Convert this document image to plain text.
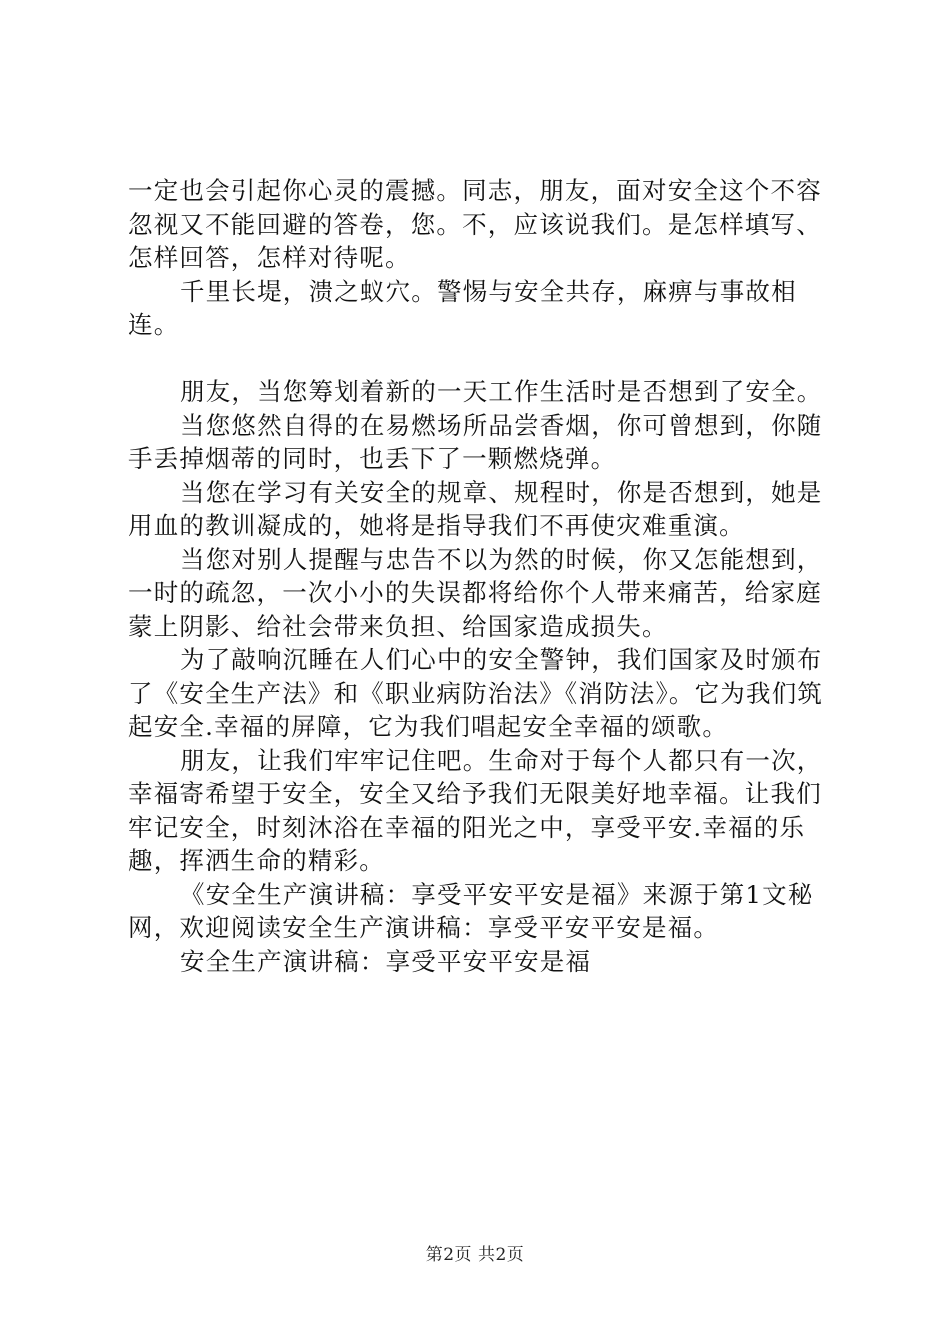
一定也会引起你心灵的震撼。同志，朋友，面对安全这个不容忽视又不能回避的答卷，您。不，应该说我们。是怎样填写、怎样回答，怎样对待呢。

千里长堤，溃之蚁穴。警惕与安全共存，麻痹与事故相连。

朋友，当您筹划着新的一天工作生活时是否想到了安全。

当您悠然自得的在易燃场所品尝香烟，你可曾想到，你随手丢掉烟蒂的同时，也丢下了一颗燃烧弹。

当您在学习有关安全的规章、规程时，你是否想到，她是用血的教训凝成的，她将是指导我们不再使灾难重演。

当您对别人提醒与忠告不以为然的时候，你又怎能想到，一时的疏忽，一次小小的失误都将给你个人带来痛苦，给家庭蒙上阴影、给社会带来负担、给国家造成损失。

为了敲响沉睡在人们心中的安全警钟，我们国家及时颁布了《安全生产法》和《职业病防治法》《消防法》。它为我们筑起安全.幸福的屏障，它为我们唱起安全幸福的颂歌。

朋友，让我们牢牢记住吧。生命对于每个人都只有一次，幸福寄希望于安全，安全又给予我们无限美好地幸福。让我们牢记安全，时刻沐浴在幸福的阳光之中，享受平安.幸福的乐趣，挥洒生命的精彩。

《安全生产演讲稿：享受平安平安是福》来源于第1文秘网，欢迎阅读安全生产演讲稿：享受平安平安是福。

安全生产演讲稿：享受平安平安是福

第2页 共2页
